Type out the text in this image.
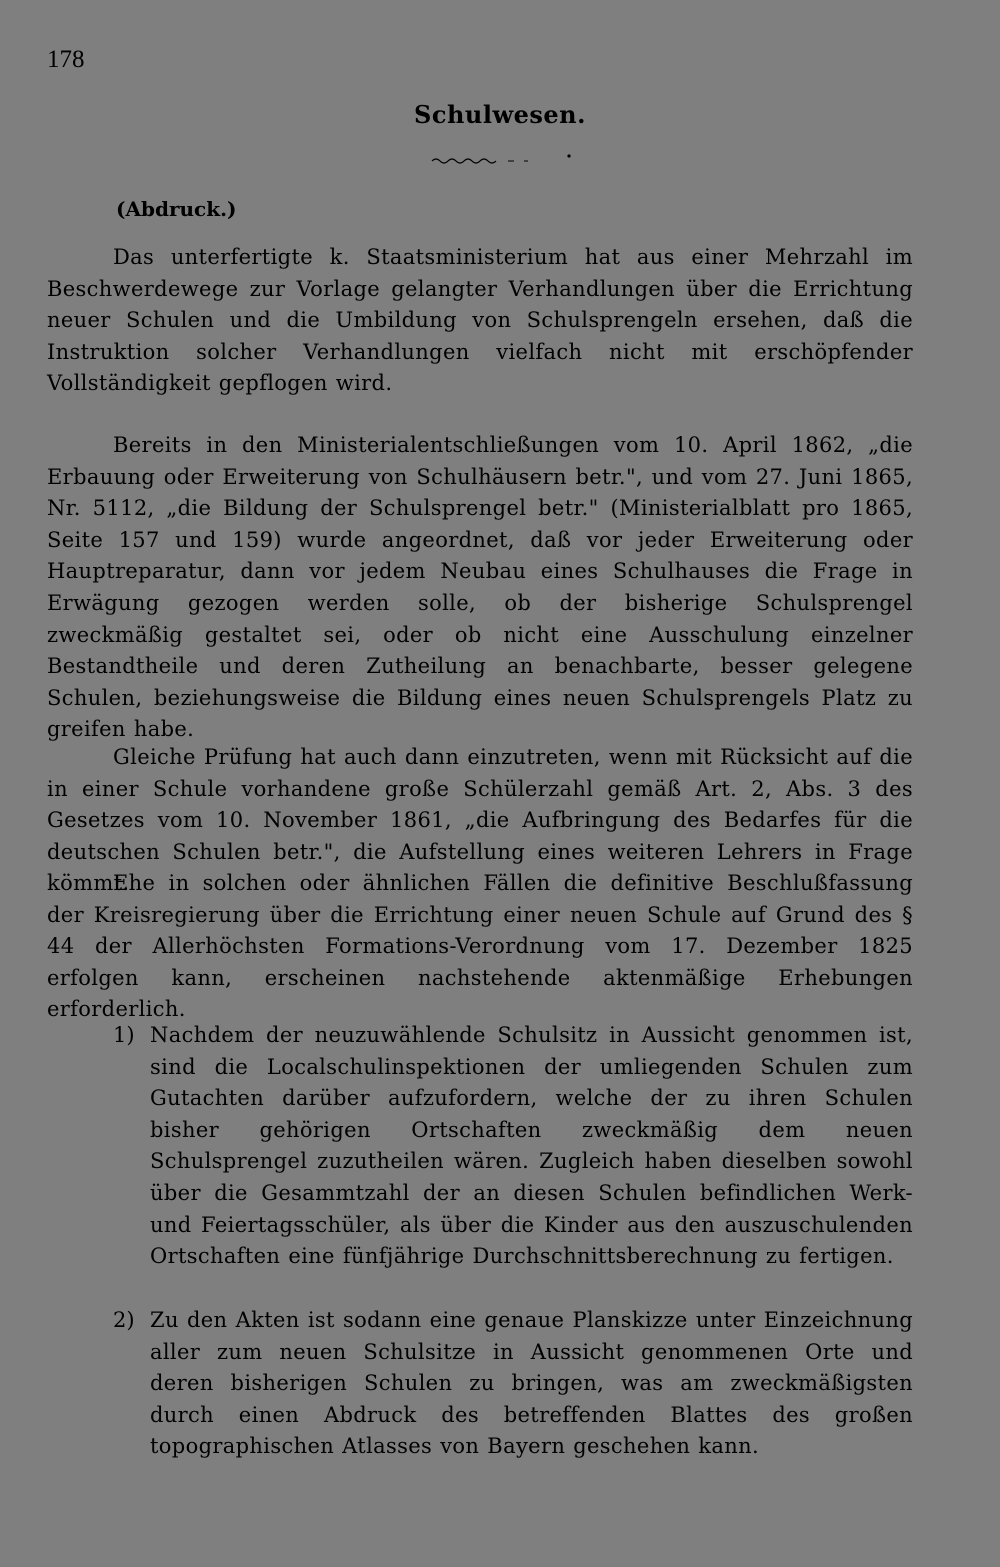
178
Schulwesen.
(Abdruck.)

Das unterfertigte k. Staatsministerium hat aus einer Mehrzahl im Beschwerdewege zur Vorlage gelangter Verhandlungen über die Errichtung neuer Schulen und die Umbildung von Schulsprengeln ersehen, daß die Instruktion solcher Verhandlungen vielfach nicht mit erschöpfender Vollständigkeit gepflogen wird.

Bereits in den Ministerialentschließungen vom 10. April 1862, „die Erbauung oder Erweiterung von Schulhäusern betr.", und vom 27. Juni 1865, Nr. 5112, „die Bildung der Schulsprengel betr." (Ministerialblatt pro 1865, Seite 157 und 159) wurde angeordnet, daß vor jeder Erweiterung oder Hauptreparatur, dann vor jedem Neubau eines Schulhauses die Frage in Erwägung gezogen werden solle, ob der bisherige Schulsprengel zweckmäßig gestaltet sei, oder ob nicht eine Ausschulung einzelner Bestandtheile und deren Zutheilung an benachbarte, besser gelegene Schulen, beziehungsweise die Bildung eines neuen Schulsprengels Platz zu greifen habe.

Gleiche Prüfung hat auch dann einzutreten, wenn mit Rücksicht auf die in einer Schule vorhandene große Schülerzahl gemäß Art. 2, Abs. 3 des Gesetzes vom 10. November 1861, „die Aufbringung des Bedarfes für die deutschen Schulen betr.", die Aufstellung eines weiteren Lehrers in Frage kömmt.

Ehe in solchen oder ähnlichen Fällen die definitive Beschlußfassung der Kreisregierung über die Errichtung einer neuen Schule auf Grund des § 44 der Allerhöchsten Formations-Verordnung vom 17. Dezember 1825 erfolgen kann, erscheinen nachstehende aktenmäßige Erhebungen erforderlich.

1) Nachdem der neuzuwählende Schulsitz in Aussicht genommen ist, sind die Localschulinspektionen der umliegenden Schulen zum Gutachten darüber aufzufordern, welche der zu ihren Schulen bisher gehörigen Ortschaften zweckmäßig dem neuen Schulsprengel zuzutheilen wären. Zugleich haben dieselben sowohl über die Gesammtzahl der an diesen Schulen befindlichen Werk- und Feiertagsschüler, als über die Kinder aus den auszuschulenden Ortschaften eine fünfjährige Durchschnittsberechnung zu fertigen.

2) Zu den Akten ist sodann eine genaue Planskizze unter Einzeichnung aller zum neuen Schulsitze in Aussicht genommenen Orte und deren bisherigen Schulen zu bringen, was am zweckmäßigsten durch einen Abdruck des betreffenden Blattes des großen topographischen Atlasses von Bayern geschehen kann.
